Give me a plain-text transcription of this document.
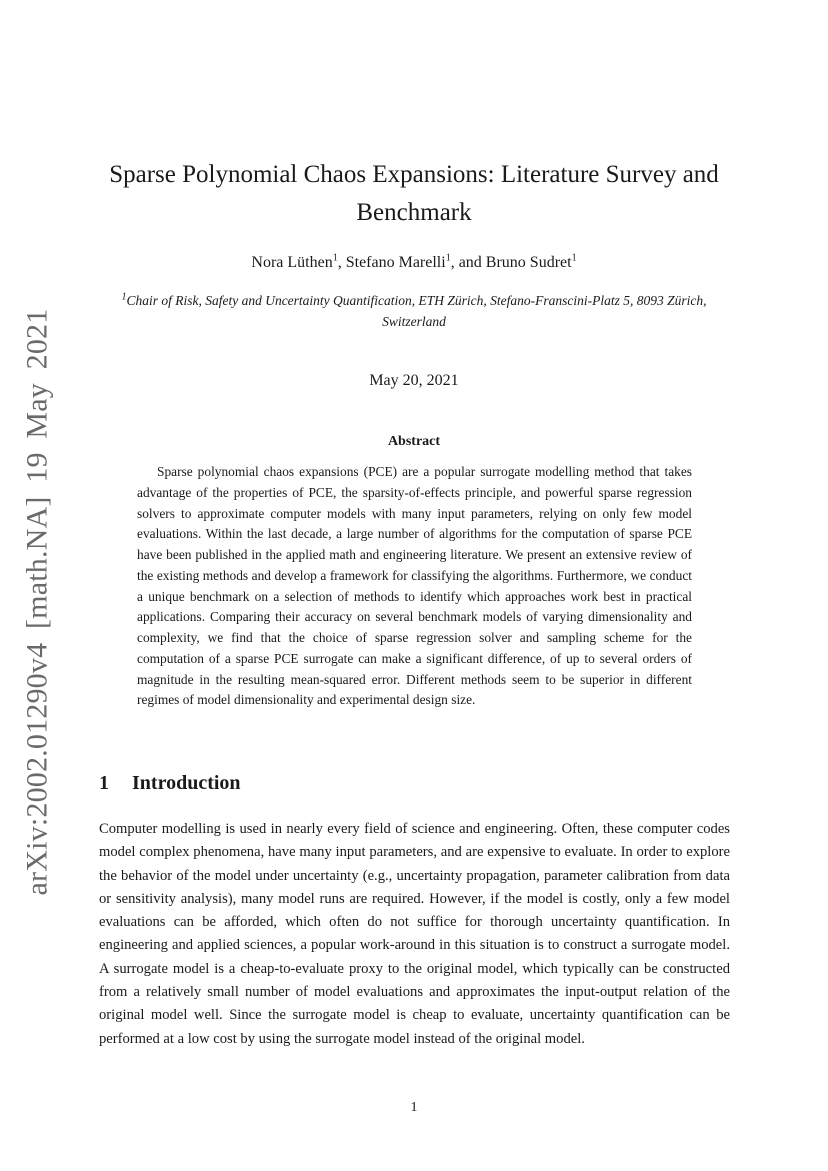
arXiv:2002.01290v4 [math.NA] 19 May 2021
Sparse Polynomial Chaos Expansions: Literature Survey and Benchmark
Nora Lüthen$^1$, Stefano Marelli$^1$, and Bruno Sudret$^1$
$^1$Chair of Risk, Safety and Uncertainty Quantification, ETH Zürich, Stefano-Franscini-Platz 5, 8093 Zürich, Switzerland
May 20, 2021
Abstract

Sparse polynomial chaos expansions (PCE) are a popular surrogate modelling method that takes advantage of the properties of PCE, the sparsity-of-effects principle, and powerful sparse regression solvers to approximate computer models with many input parameters, relying on only few model evaluations. Within the last decade, a large number of algorithms for the computation of sparse PCE have been published in the applied math and engineering literature. We present an extensive review of the existing methods and develop a framework for classifying the algorithms. Furthermore, we conduct a unique benchmark on a selection of methods to identify which approaches work best in practical applications. Comparing their accuracy on several benchmark models of varying dimensionality and complexity, we find that the choice of sparse regression solver and sampling scheme for the computation of a sparse PCE surrogate can make a significant difference, of up to several orders of magnitude in the resulting mean-squared error. Different methods seem to be superior in different regimes of model dimensionality and experimental design size.

1 Introduction

Computer modelling is used in nearly every field of science and engineering. Often, these computer codes model complex phenomena, have many input parameters, and are expensive to evaluate. In order to explore the behavior of the model under uncertainty (e.g., uncertainty propagation, parameter calibration from data or sensitivity analysis), many model runs are required. However, if the model is costly, only a few model evaluations can be afforded, which often do not suffice for thorough uncertainty quantification. In engineering and applied sciences, a popular work-around in this situation is to construct a surrogate model. A surrogate model is a cheap-to-evaluate proxy to the original model, which typically can be constructed from a relatively small number of model evaluations and approximates the input-output relation of the original model well. Since the surrogate model is cheap to evaluate, uncertainty quantification can be performed at a low cost by using the surrogate model instead of the original model.

1
